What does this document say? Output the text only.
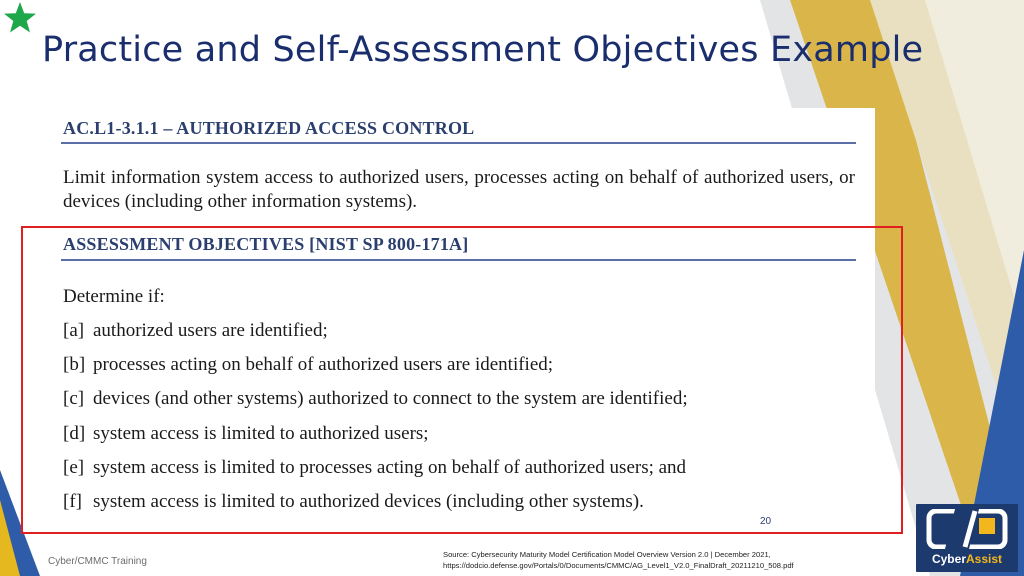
Practice and Self-Assessment Objectives Example
AC.L1-3.1.1 – AUTHORIZED ACCESS CONTROL

Limit information system access to authorized users, processes acting on behalf of authorized users, or devices (including other information systems).

ASSESSMENT OBJECTIVES [NIST SP 800-171A]

Determine if:

[a] authorized users are identified;
[b] processes acting on behalf of authorized users are identified;
[c] devices (and other systems) authorized to connect to the system are identified;
[d] system access is limited to authorized users;
[e] system access is limited to processes acting on behalf of authorized users; and
[f] system access is limited to authorized devices (including other systems).
20
Cyber/CMMC Training
Source: Cybersecurity Maturity Model Certification Model Overview Version 2.0 | December 2021,
https://dodcio.defense.gov/Portals/0/Documents/CMMC/AG_Level1_V2.0_FinalDraft_20211210_508.pdf	CyberAssist
